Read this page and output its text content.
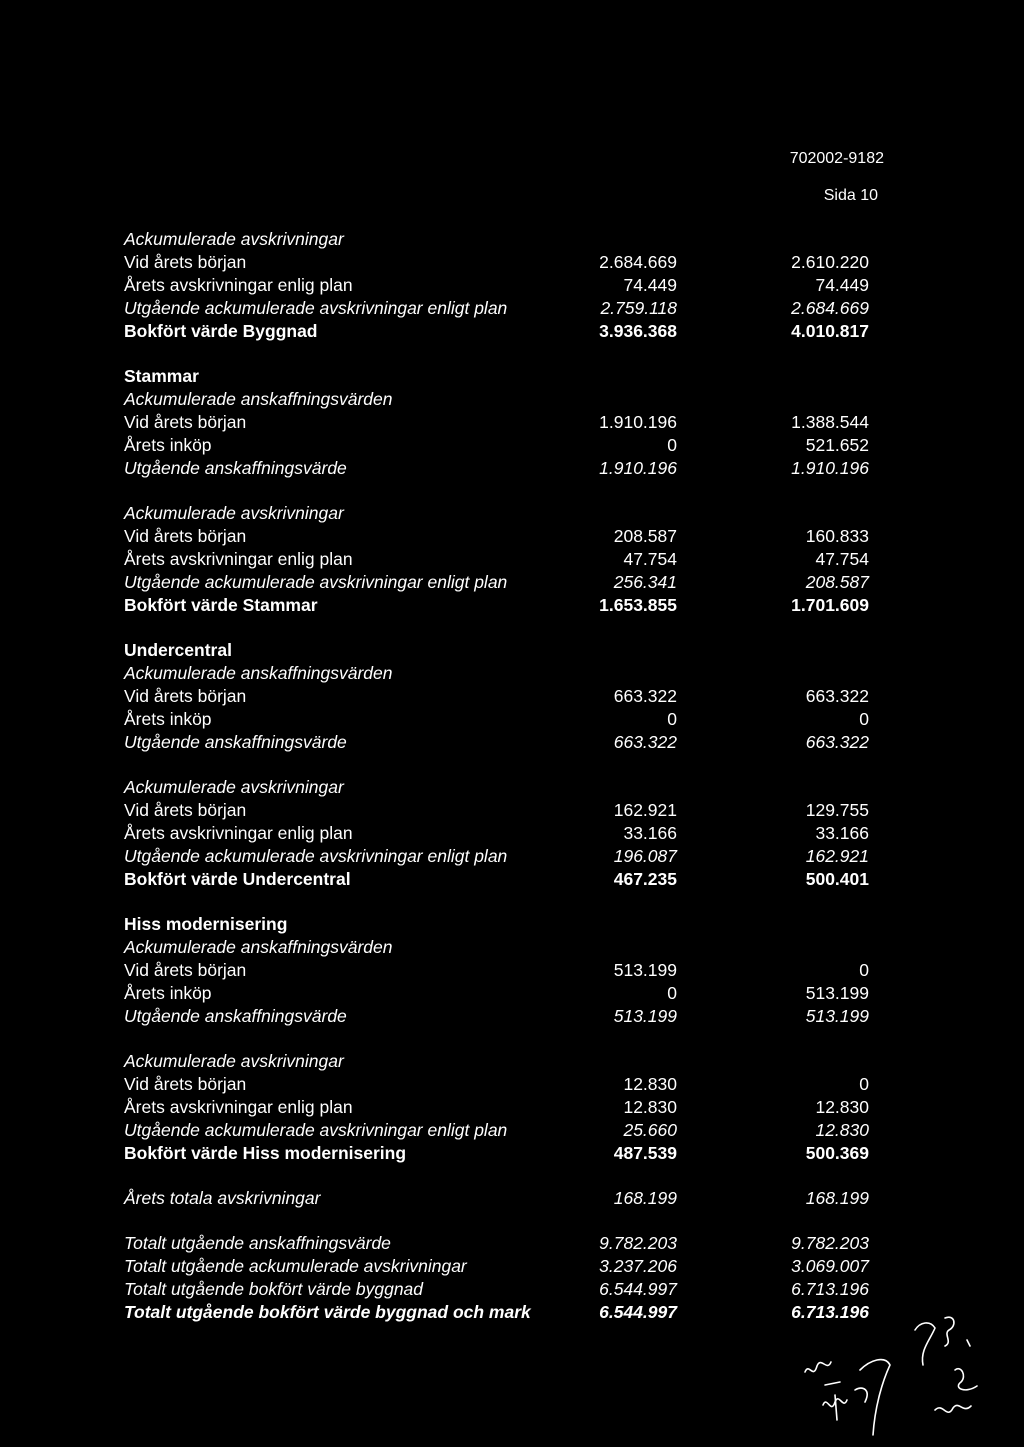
702002-9182
Sida 10
Ackumulerade avskrivningar
Vid årets början	2.684.669	2.610.220
Årets avskrivningar enlig plan	74.449	74.449
Utgående ackumulerade avskrivningar enligt plan	2.759.118	2.684.669
Bokfört värde Byggnad	3.936.368	4.010.817
Stammar
Ackumulerade anskaffningsvärden
Vid årets början	1.910.196	1.388.544
Årets inköp	0	521.652
Utgående anskaffningsvärde	1.910.196	1.910.196
Ackumulerade avskrivningar
Vid årets början	208.587	160.833
Årets avskrivningar enlig plan	47.754	47.754
Utgående ackumulerade avskrivningar enligt plan	256.341	208.587
Bokfört värde Stammar	1.653.855	1.701.609
Undercentral
Ackumulerade anskaffningsvärden
Vid årets början	663.322	663.322
Årets inköp	0	0
Utgående anskaffningsvärde	663.322	663.322
Ackumulerade avskrivningar
Vid årets början	162.921	129.755
Årets avskrivningar enlig plan	33.166	33.166
Utgående ackumulerade avskrivningar enligt plan	196.087	162.921
Bokfört värde Undercentral	467.235	500.401
Hiss modernisering
Ackumulerade anskaffningsvärden
Vid årets början	513.199	0
Årets inköp	0	513.199
Utgående anskaffningsvärde	513.199	513.199
Ackumulerade avskrivningar
Vid årets början	12.830	0
Årets avskrivningar enlig plan	12.830	12.830
Utgående ackumulerade avskrivningar enligt plan	25.660	12.830
Bokfört värde Hiss modernisering	487.539	500.369
Årets totala avskrivningar	168.199	168.199
Totalt utgående anskaffningsvärde	9.782.203	9.782.203
Totalt utgående ackumulerade avskrivningar	3.237.206	3.069.007
Totalt utgående bokfört värde byggnad	6.544.997	6.713.196
Totalt utgående bokfört värde byggnad och mark	6.544.997	6.713.196
